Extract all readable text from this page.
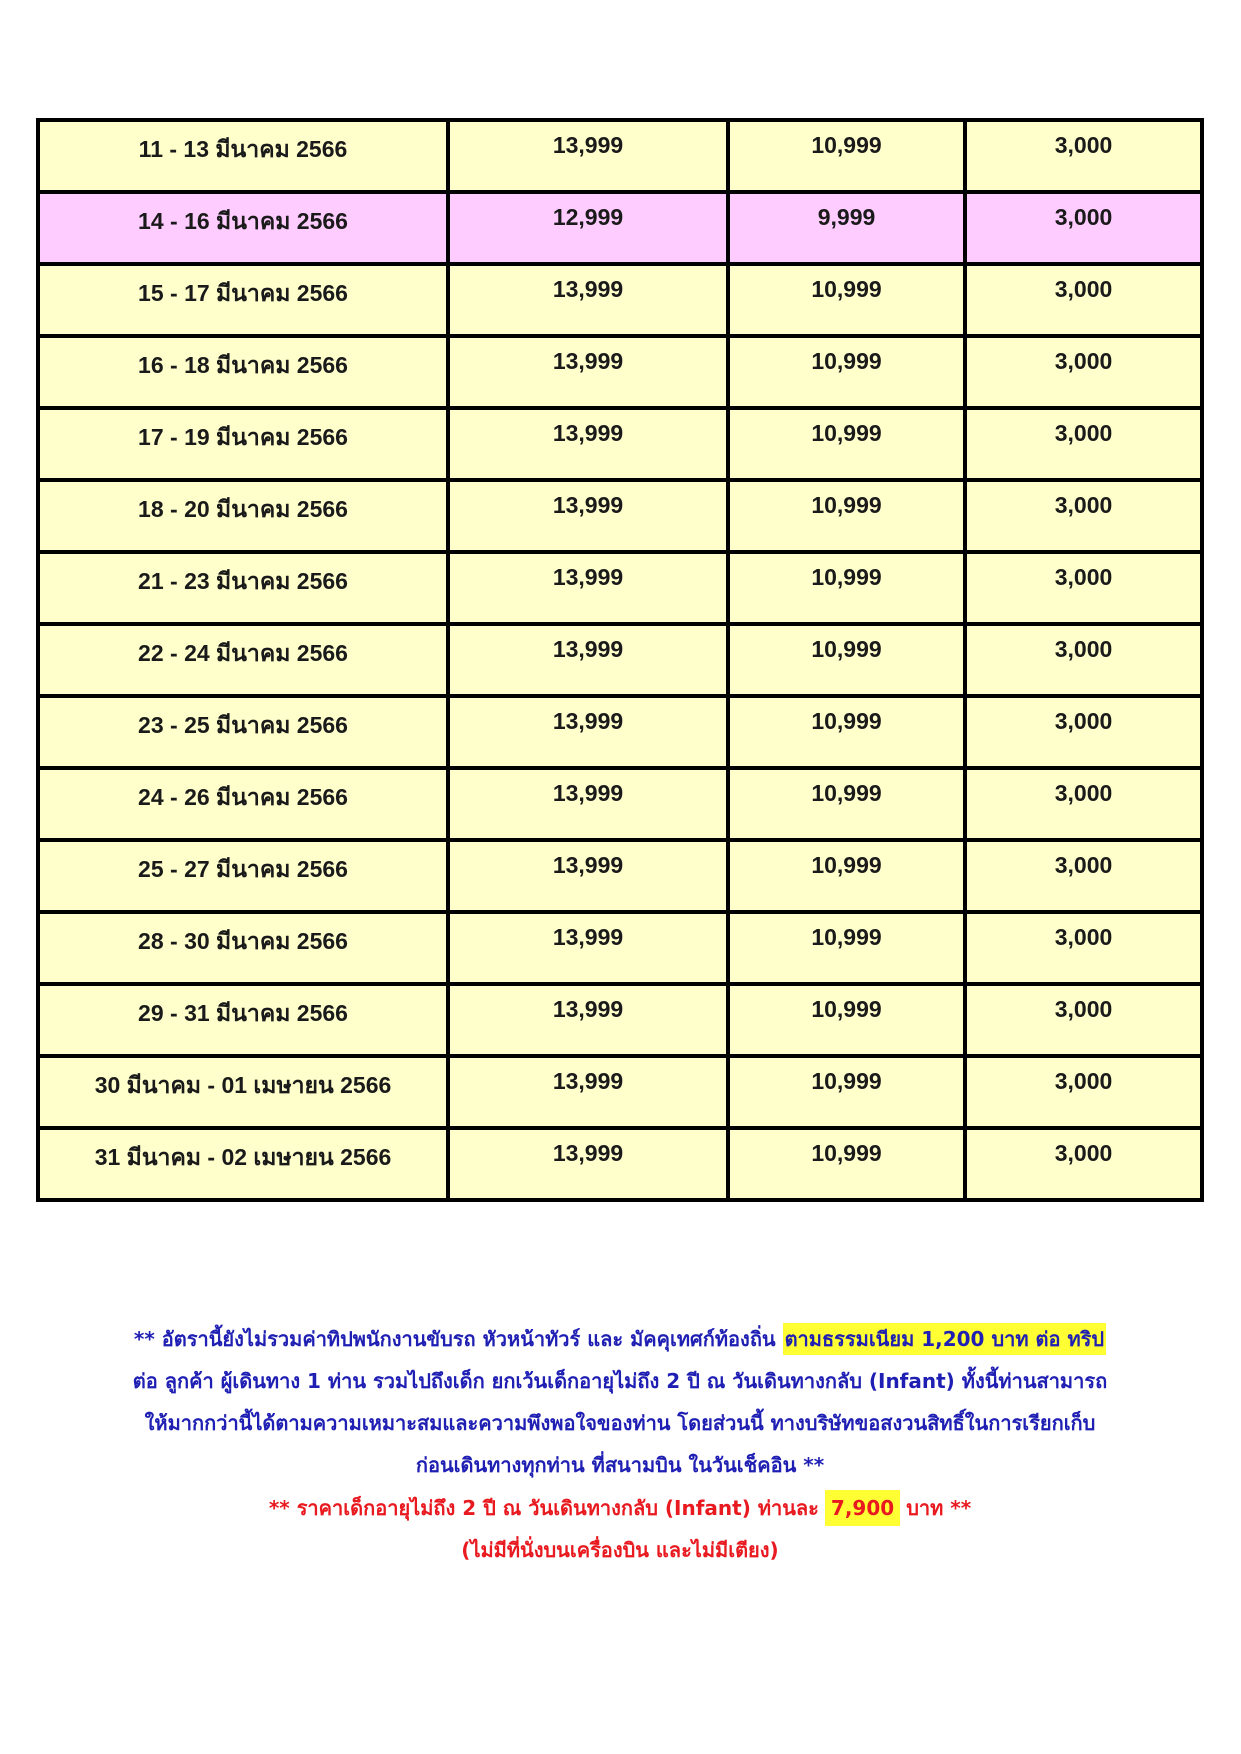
11 - 13 มีนาคม 2566	13,999	10,999	3,000
14 - 16 มีนาคม 2566	12,999	9,999	3,000
15 - 17 มีนาคม 2566	13,999	10,999	3,000
16 - 18 มีนาคม 2566	13,999	10,999	3,000
17 - 19 มีนาคม 2566	13,999	10,999	3,000
18 - 20 มีนาคม 2566	13,999	10,999	3,000
21 - 23 มีนาคม 2566	13,999	10,999	3,000
22 - 24 มีนาคม 2566	13,999	10,999	3,000
23 - 25 มีนาคม 2566	13,999	10,999	3,000
24 - 26 มีนาคม 2566	13,999	10,999	3,000
25 - 27 มีนาคม 2566	13,999	10,999	3,000
28 - 30 มีนาคม 2566	13,999	10,999	3,000
29 - 31 มีนาคม 2566	13,999	10,999	3,000
30 มีนาคม - 01 เมษายน 2566	13,999	10,999	3,000
31 มีนาคม - 02 เมษายน 2566	13,999	10,999	3,000
** อัตรานี้ยังไม่รวมค่าทิปพนักงานขับรถ หัวหน้าทัวร์ และ มัคคุเทศก์ท้องถิ่น ตามธรรมเนียม 1,200 บาท ต่อ ทริป
ต่อ ลูกค้า ผู้เดินทาง 1 ท่าน รวมไปถึงเด็ก ยกเว้นเด็กอายุไม่ถึง 2 ปี ณ วันเดินทางกลับ (Infant) ทั้งนี้ท่านสามารถ
ให้มากกว่านี้ได้ตามความเหมาะสมและความพึงพอใจของท่าน โดยส่วนนี้ ทางบริษัทขอสงวนสิทธิ์ในการเรียกเก็บ
ก่อนเดินทางทุกท่าน ที่สนามบิน ในวันเช็คอิน **
** ราคาเด็กอายุไม่ถึง 2 ปี ณ วันเดินทางกลับ (Infant) ท่านละ 7,900 บาท **
(ไม่มีที่นั่งบนเครื่องบิน และไม่มีเตียง)
